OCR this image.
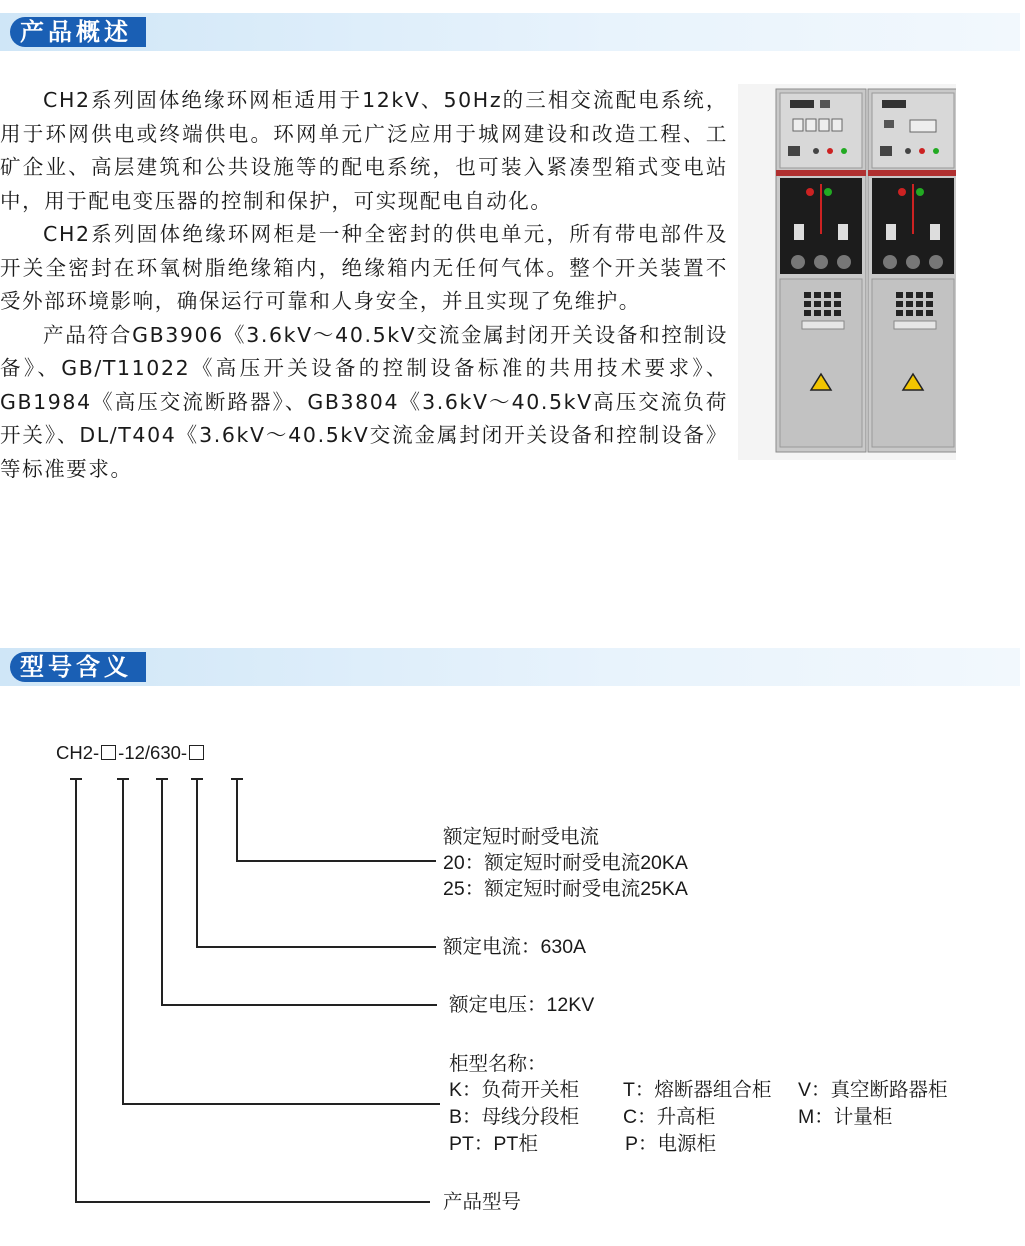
产品概述

CH2系列固体绝缘环网柜适用于12kV、50Hz的三相交流配电系统，用于环网供电或终端供电。环网单元广泛应用于城网建设和改造工程、工矿企业、高层建筑和公共设施等的配电系统，也可装入紧凑型箱式变电站中，用于配电变压器的控制和保护，可实现配电自动化。

CH2系列固体绝缘环网柜是一种全密封的供电单元，所有带电部件及开关全密封在环氧树脂绝缘箱内，绝缘箱内无任何气体。整个开关装置不受外部环境影响，确保运行可靠和人身安全，并且实现了免维护。

产品符合GB3906《3.6kV～40.5kV交流金属封闭开关设备和控制设备》、GB/T11022《高压开关设备的控制设备标准的共用技术要求》、GB1984《高压交流断路器》、GB3804《3.6kV～40.5kV高压交流负荷开关》、DL/T404《3.6kV～40.5kV交流金属封闭开关设备和控制设备》等标准要求。

型号含义
CH2- -12/630-
额定短时耐受电流
20：额定短时耐受电流20KA
25：额定短时耐受电流25KA
额定电流：630A
额定电压：12KV
柜型名称：
K：负荷开关柜 T：熔断器组合柜 V：真空断路器柜
B：母线分段柜 C：升高柜	M：计量柜
PT：PT柜	P：电源柜
产品型号
